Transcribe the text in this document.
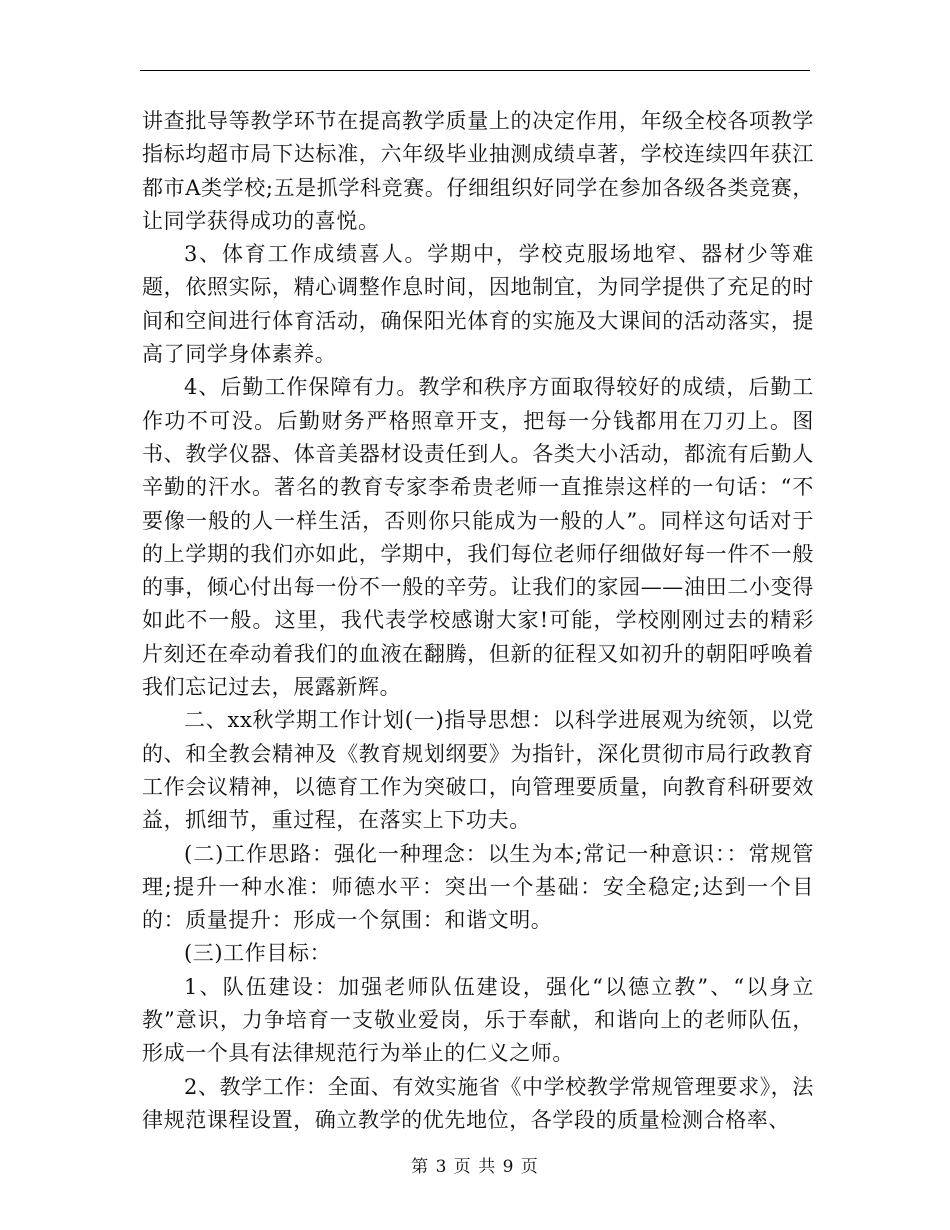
讲查批导等教学环节在提高教学质量上的决定作用，年级全校各项教学指标均超市局下达标准，六年级毕业抽测成绩卓著，学校连续四年获江都市A类学校;五是抓学科竞赛。仔细组织好同学在参加各级各类竞赛，让同学获得成功的喜悦。

3、体育工作成绩喜人。学期中，学校克服场地窄、器材少等难题，依照实际，精心调整作息时间，因地制宜，为同学提供了充足的时间和空间进行体育活动，确保阳光体育的实施及大课间的活动落实，提高了同学身体素养。

4、后勤工作保障有力。教学和秩序方面取得较好的成绩，后勤工作功不可没。后勤财务严格照章开支，把每一分钱都用在刀刃上。图书、教学仪器、体音美器材设责任到人。各类大小活动，都流有后勤人辛勤的汗水。著名的教育专家李希贵老师一直推崇这样的一句话：“不要像一般的人一样生活，否则你只能成为一般的人”。同样这句话对于的上学期的我们亦如此，学期中，我们每位老师仔细做好每一件不一般的事，倾心付出每一份不一般的辛劳。让我们的家园——油田二小变得如此不一般。这里，我代表学校感谢大家!可能，学校刚刚过去的精彩片刻还在牵动着我们的血液在翻腾，但新的征程又如初升的朝阳呼唤着我们忘记过去，展露新辉。

二、xx秋学期工作计划(一)指导思想：以科学进展观为统领，以党的、和全教会精神及《教育规划纲要》为指针，深化贯彻市局行政教育工作会议精神，以德育工作为突破口，向管理要质量，向教育科研要效益，抓细节，重过程，在落实上下功夫。

(二)工作思路：强化一种理念：以生为本;常记一种意识：：常规管理;提升一种水准：师德水平：突出一个基础：安全稳定;达到一个目的：质量提升：形成一个氛围：和谐文明。

(三)工作目标：

1、队伍建设：加强老师队伍建设，强化“以德立教”、“以身立教”意识，力争培育一支敬业爱岗，乐于奉献，和谐向上的老师队伍，形成一个具有法律规范行为举止的仁义之师。

2、教学工作：全面、有效实施省《中学校教学常规管理要求》，法律规范课程设置，确立教学的优先地位，各学段的质量检测合格率、

第 3 页 共 9 页
